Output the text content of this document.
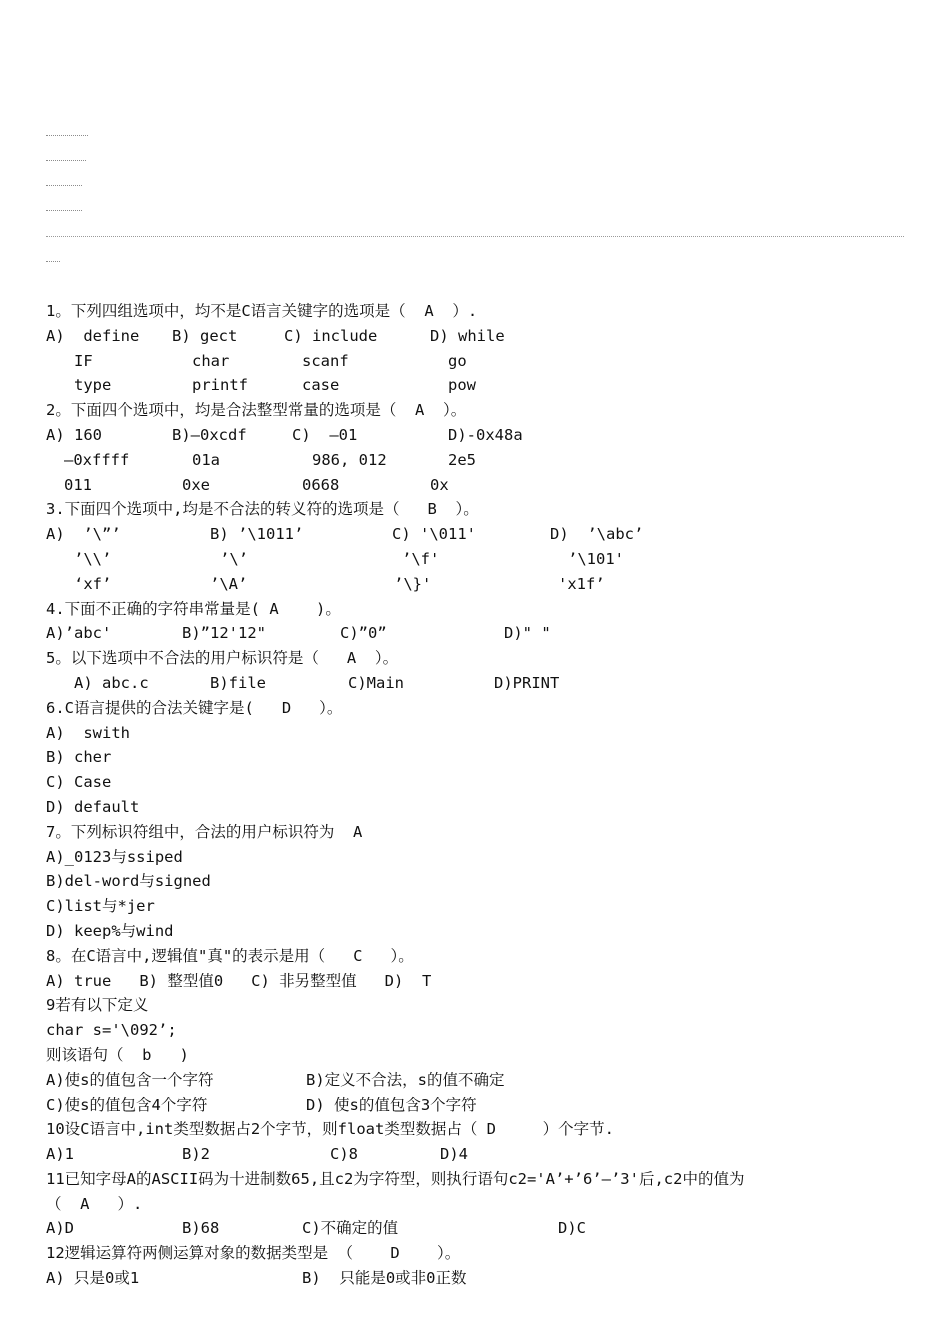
1。下列四组选项中，均不是C语言关键字的选项是（  A  ）.
A)  define B) gect	C) include	D) while
IF	char	scanf	go
type	printf	case	pow
2。下面四个选项中，均是合法整型常量的选项是（  A  ）。
A) 160	B)—0xcdf	C)  —01	D)-0x48a
—0xffff	01a	986, 012	2e5
011	0xe	0668	0x
3.下面四个选项中,均是不合法的转义符的选项是（   B  ）。
A)  ’\”’	B) ’\1011’	C) '\011'	D)  ’\abc’
’\\’	’\’	’\f'	’\101'
‘xf’	’\A’	’\}'	'x1f’
4.下面不正确的字符串常量是( A    )。
A)’abc'	B)”12'12"	C)”0”	D)" "
5。以下选项中不合法的用户标识符是（   A  ）。
A) abc.c	B)file	C)Main	D)PRINT
6.C语言提供的合法关键字是(   D   ）。
A)  swith
B) cher
C) Case
D) default
7。下列标识符组中，合法的用户标识符为  A
A)_0123与ssiped
B)del-word与signed
C)list与*jer
D) keep%与wind
8。在C语言中,逻辑值"真"的表示是用（   C   ）。
A) true   B) 整型值0   C) 非另整型值   D)  T
9若有以下定义
char s='\092’;
则该语句（  b   )
A)使s的值包含一个字符	B)定义不合法，s的值不确定
C)使s的值包含4个字符	D) 使s的值包含3个字符
10设C语言中,int类型数据占2个字节，则float类型数据占（ D     ）个字节.
A)1	B)2	C)8	D)4
11已知字母A的ASCII码为十进制数65,且c2为字符型，则执行语句c2='A’+’6’—’3'后,c2中的值为
（  A   ）.
A)D	B)68	C)不确定的值	D)C
12逻辑运算符两侧运算对象的数据类型是 （    D    ）。
A) 只是0或1	B)  只能是0或非0正数
